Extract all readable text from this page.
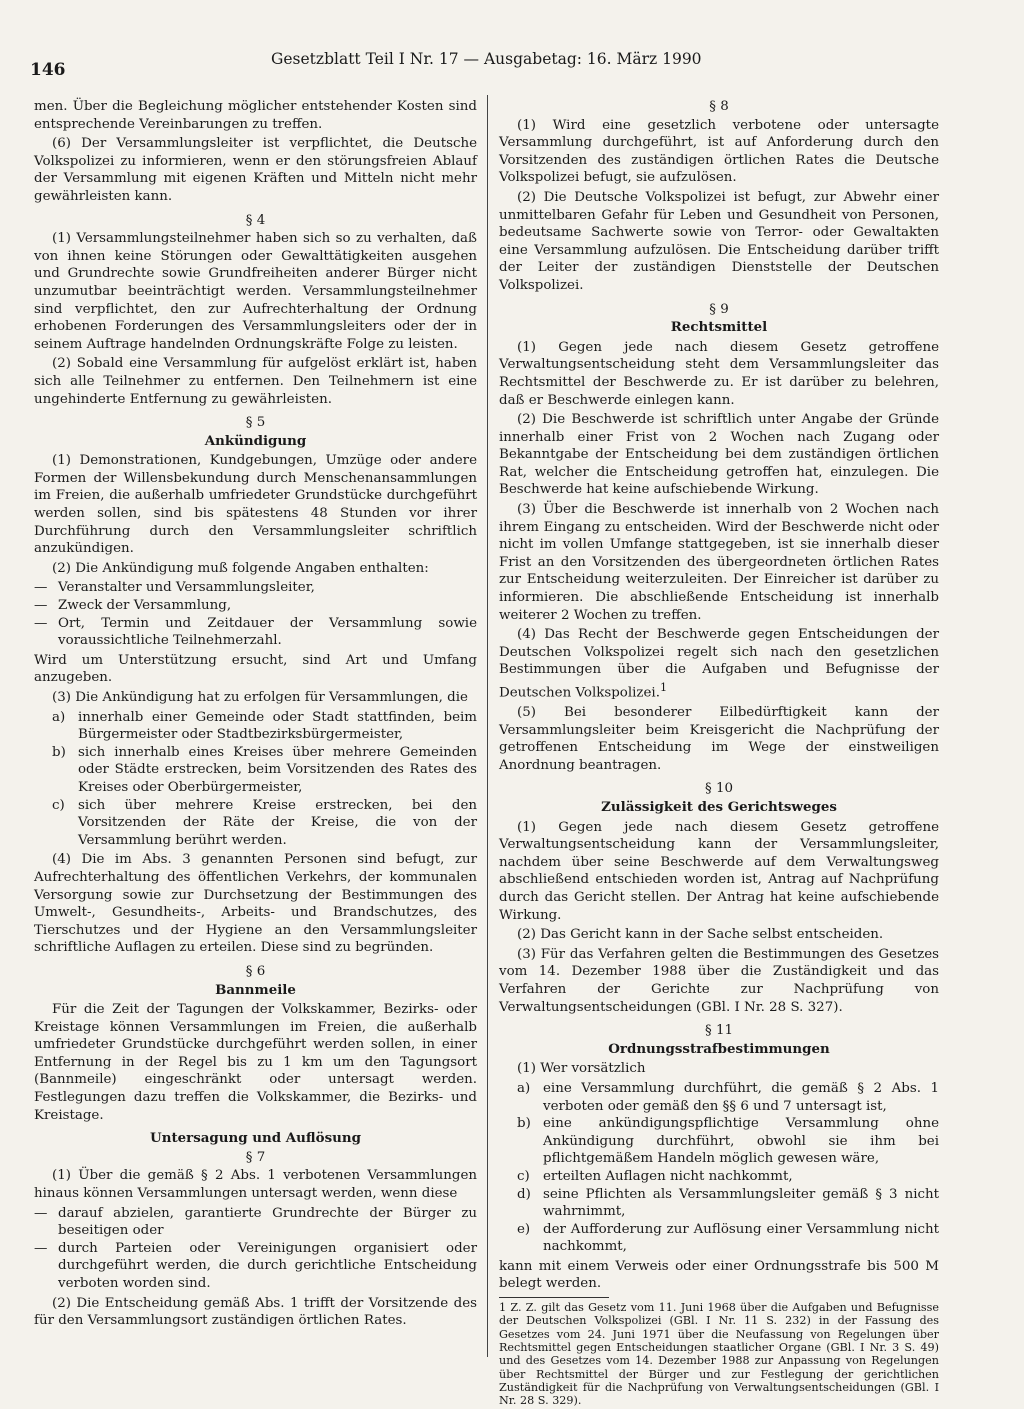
146
Gesetzblatt Teil I Nr. 17 — Ausgabetag: 16. März 1990

men. Über die Begleichung möglicher entstehender Kosten sind entsprechende Vereinbarungen zu treffen.

(6) Der Versammlungsleiter ist verpflichtet, die Deutsche Volkspolizei zu informieren, wenn er den störungsfreien Ablauf der Versammlung mit eigenen Kräften und Mitteln nicht mehr gewährleisten kann.

§ 4

(1) Versammlungsteilnehmer haben sich so zu verhalten, daß von ihnen keine Störungen oder Gewalttätigkeiten ausgehen und Grundrechte sowie Grundfreiheiten anderer Bürger nicht unzumutbar beeinträchtigt werden. Versammlungsteilnehmer sind verpflichtet, den zur Aufrechterhaltung der Ordnung erhobenen Forderungen des Versammlungsleiters oder der in seinem Auftrage handelnden Ordnungskräfte Folge zu leisten.

(2) Sobald eine Versammlung für aufgelöst erklärt ist, haben sich alle Teilnehmer zu entfernen. Den Teilnehmern ist eine ungehinderte Entfernung zu gewährleisten.

§ 5
Ankündigung

(1) Demonstrationen, Kundgebungen, Umzüge oder andere Formen der Willensbekundung durch Menschenansammlungen im Freien, die außerhalb umfriedeter Grundstücke durchgeführt werden sollen, sind bis spätestens 48 Stunden vor ihrer Durchführung durch den Versammlungsleiter schriftlich anzukündigen.

(2) Die Ankündigung muß folgende Angaben enthalten:

— Veranstalter und Versammlungsleiter,
— Zweck der Versammlung,
— Ort, Termin und Zeitdauer der Versammlung sowie voraussichtliche Teilnehmerzahl.

Wird um Unterstützung ersucht, sind Art und Umfang anzugeben.

(3) Die Ankündigung hat zu erfolgen für Versammlungen, die

a) innerhalb einer Gemeinde oder Stadt stattfinden, beim Bürgermeister oder Stadtbezirksbürgermeister,
b) sich innerhalb eines Kreises über mehrere Gemeinden oder Städte erstrecken, beim Vorsitzenden des Rates des Kreises oder Oberbürgermeister,
c) sich über mehrere Kreise erstrecken, bei den Vorsitzenden der Räte der Kreise, die von der Versammlung berührt werden.

(4) Die im Abs. 3 genannten Personen sind befugt, zur Aufrechterhaltung des öffentlichen Verkehrs, der kommunalen Versorgung sowie zur Durchsetzung der Bestimmungen des Umwelt-, Gesundheits-, Arbeits- und Brandschutzes, des Tierschutzes und der Hygiene an den Versammlungsleiter schriftliche Auflagen zu erteilen. Diese sind zu begründen.

§ 6
Bannmeile

Für die Zeit der Tagungen der Volkskammer, Bezirks- oder Kreistage können Versammlungen im Freien, die außerhalb umfriedeter Grundstücke durchgeführt werden sollen, in einer Entfernung in der Regel bis zu 1 km um den Tagungsort (Bannmeile) eingeschränkt oder untersagt werden. Festlegungen dazu treffen die Volkskammer, die Bezirks- und Kreistage.

Untersagung und Auflösung
§ 7

(1) Über die gemäß § 2 Abs. 1 verbotenen Versammlungen hinaus können Versammlungen untersagt werden, wenn diese

— darauf abzielen, garantierte Grundrechte der Bürger zu beseitigen oder
— durch Parteien oder Vereinigungen organisiert oder durchgeführt werden, die durch gerichtliche Entscheidung verboten worden sind.

(2) Die Entscheidung gemäß Abs. 1 trifft der Vorsitzende des für den Versammlungsort zuständigen örtlichen Rates.

§ 8

(1) Wird eine gesetzlich verbotene oder untersagte Versammlung durchgeführt, ist auf Anforderung durch den Vorsitzenden des zuständigen örtlichen Rates die Deutsche Volkspolizei befugt, sie aufzulösen.

(2) Die Deutsche Volkspolizei ist befugt, zur Abwehr einer unmittelbaren Gefahr für Leben und Gesundheit von Personen, bedeutsame Sachwerte sowie von Terror- oder Gewaltakten eine Versammlung aufzulösen. Die Entscheidung darüber trifft der Leiter der zuständigen Dienststelle der Deutschen Volkspolizei.

§ 9
Rechtsmittel

(1) Gegen jede nach diesem Gesetz getroffene Verwaltungsentscheidung steht dem Versammlungsleiter das Rechtsmittel der Beschwerde zu. Er ist darüber zu belehren, daß er Beschwerde einlegen kann.

(2) Die Beschwerde ist schriftlich unter Angabe der Gründe innerhalb einer Frist von 2 Wochen nach Zugang oder Bekanntgabe der Entscheidung bei dem zuständigen örtlichen Rat, welcher die Entscheidung getroffen hat, einzulegen. Die Beschwerde hat keine aufschiebende Wirkung.

(3) Über die Beschwerde ist innerhalb von 2 Wochen nach ihrem Eingang zu entscheiden. Wird der Beschwerde nicht oder nicht im vollen Umfange stattgegeben, ist sie innerhalb dieser Frist an den Vorsitzenden des übergeordneten örtlichen Rates zur Entscheidung weiterzuleiten. Der Einreicher ist darüber zu informieren. Die abschließende Entscheidung ist innerhalb weiterer 2 Wochen zu treffen.

(4) Das Recht der Beschwerde gegen Entscheidungen der Deutschen Volkspolizei regelt sich nach den gesetzlichen Bestimmungen über die Aufgaben und Befugnisse der Deutschen Volkspolizei.$^1$

(5) Bei besonderer Eilbedürftigkeit kann der Versammlungsleiter beim Kreisgericht die Nachprüfung der getroffenen Entscheidung im Wege der einstweiligen Anordnung beantragen.

§ 10
Zulässigkeit des Gerichtsweges

(1) Gegen jede nach diesem Gesetz getroffene Verwaltungsentscheidung kann der Versammlungsleiter, nachdem über seine Beschwerde auf dem Verwaltungsweg abschließend entschieden worden ist, Antrag auf Nachprüfung durch das Gericht stellen. Der Antrag hat keine aufschiebende Wirkung.

(2) Das Gericht kann in der Sache selbst entscheiden.

(3) Für das Verfahren gelten die Bestimmungen des Gesetzes vom 14. Dezember 1988 über die Zuständigkeit und das Verfahren der Gerichte zur Nachprüfung von Verwaltungsentscheidungen (GBl. I Nr. 28 S. 327).

§ 11
Ordnungsstrafbestimmungen

(1) Wer vorsätzlich

a) eine Versammlung durchführt, die gemäß § 2 Abs. 1 verboten oder gemäß den §§ 6 und 7 untersagt ist,
b) eine ankündigungspflichtige Versammlung ohne Ankündigung durchführt, obwohl sie ihm bei pflichtgemäßem Handeln möglich gewesen wäre,
c) erteilten Auflagen nicht nachkommt,
d) seine Pflichten als Versammlungsleiter gemäß § 3 nicht wahrnimmt,
e) der Aufforderung zur Auflösung einer Versammlung nicht nachkommt,

kann mit einem Verweis oder einer Ordnungsstrafe bis 500 M belegt werden.

1 Z. Z. gilt das Gesetz vom 11. Juni 1968 über die Aufgaben und Befugnisse der Deutschen Volkspolizei (GBl. I Nr. 11 S. 232) in der Fassung des Gesetzes vom 24. Juni 1971 über die Neufassung von Regelungen über Rechtsmittel gegen Entscheidungen staatlicher Organe (GBl. I Nr. 3 S. 49) und des Gesetzes vom 14. Dezember 1988 zur Anpassung von Regelungen über Rechtsmittel der Bürger und zur Festlegung der gerichtlichen Zuständigkeit für die Nachprüfung von Verwaltungsentscheidungen (GBl. I Nr. 28 S. 329).
